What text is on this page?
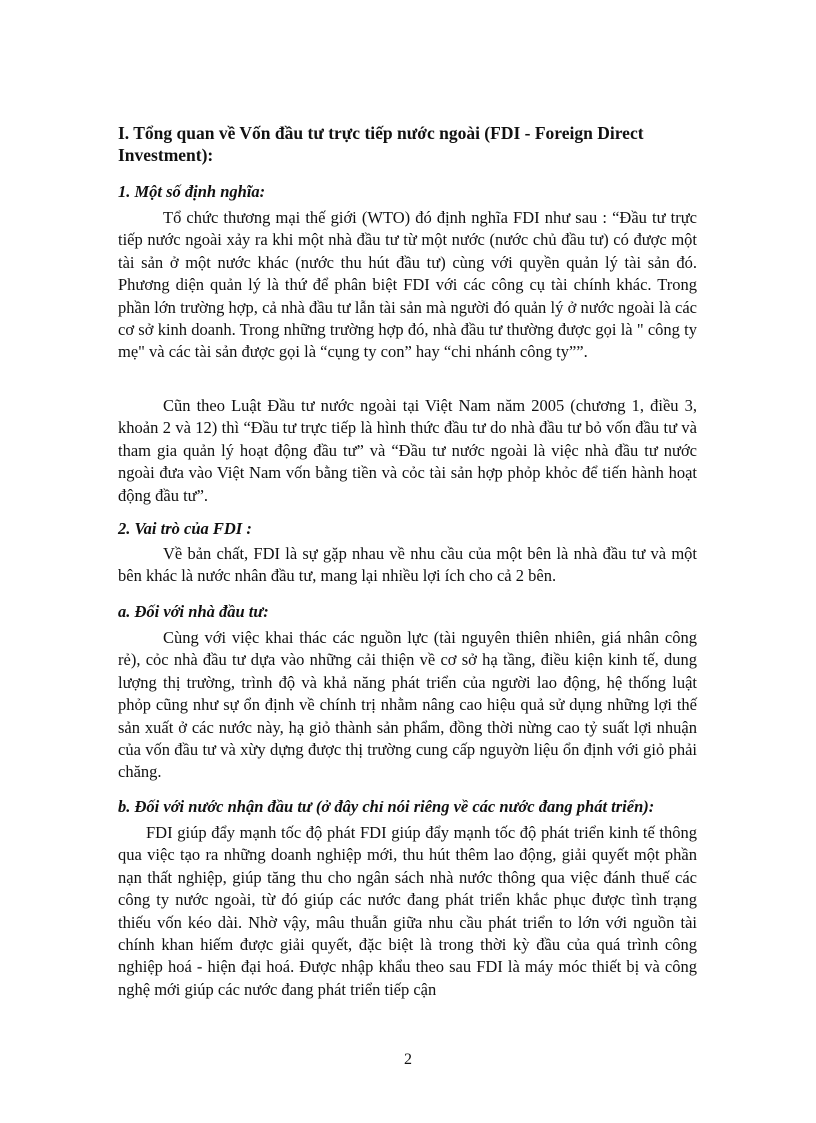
I. Tổng quan về Vốn đầu tư trực tiếp nước ngoài (FDI - Foreign Direct Investment):
1. Một số định nghĩa:

Tổ chức thương mại thế giới (WTO) đó định nghĩa FDI như sau : “Đầu tư trực tiếp nước ngoài xảy ra khi một nhà đầu tư từ một nước (nước chủ đầu tư) có được một tài sản ở một nước khác (nước thu hút đầu tư) cùng với quyền quản lý tài sản đó. Phương diện quản lý là thứ để phân biệt FDI với các công cụ tài chính khác. Trong phần lớn trường hợp, cả nhà đầu tư lẫn tài sản mà người đó quản lý ở nước ngoài là các cơ sở kinh doanh. Trong những trường hợp đó, nhà đầu tư thường được gọi là " công ty mẹ" và các tài sản được gọi là “cụng ty con” hay “chi nhánh công ty””.

Cũn theo Luật Đầu tư nước ngoài tại Việt Nam năm 2005 (chương 1, điều 3, khoản 2 và 12) thì “Đầu tư trực tiếp là hình thức đầu tư do nhà đầu tư bỏ vốn đầu tư và tham gia quản lý hoạt động đầu tư” và “Đầu tư nước ngoài là việc nhà đầu tư nước ngoài đưa vào Việt Nam vốn bằng tiền và cỏc tài sản hợp phỏp khỏc để tiến hành hoạt động đầu tư”.

2. Vai trò của FDI :

Về bản chất, FDI là sự gặp nhau về nhu cầu của một bên là nhà đầu tư và một bên khác là nước nhân đầu tư, mang lại nhiều lợi ích cho cả 2 bên.

a. Đối với nhà đầu tư:

Cùng với việc khai thác các nguồn lực (tài nguyên thiên nhiên, giá nhân công rẻ), cỏc nhà đầu tư dựa vào những cải thiện về cơ sở hạ tầng, điều kiện kinh tế, dung lượng thị trường, trình độ và khả năng phát triển của người lao động, hệ thống luật phỏp cũng như sự ổn định về chính trị nhằm nâng cao hiệu quả sử dụng những lợi thế sản xuất ở các nước này, hạ giỏ thành sản phẩm, đồng thời nừng cao tỷ suất lợi nhuận của vốn đầu tư và xừy dựng được thị trường cung cấp nguyờn liệu ổn định với giỏ phải chăng.

b. Đối với nước nhận đầu tư (ở đây chỉ nói riêng về các nước đang phát triển):

FDI giúp đẩy mạnh tốc độ phát FDI giúp đẩy mạnh tốc độ phát triển kinh tế thông qua việc tạo ra những doanh nghiệp mới, thu hút thêm lao động, giải quyết một phần nạn thất nghiệp, giúp tăng thu cho ngân sách nhà nước thông qua việc đánh thuế các công ty nước ngoài, từ đó giúp các nước đang phát triển khắc phục được tình trạng thiếu vốn kéo dài. Nhờ vậy, mâu thuẫn giữa nhu cầu phát triển to lớn với nguồn tài chính khan hiếm được giải quyết, đặc biệt là trong thời kỳ đầu của quá trình công nghiệp hoá - hiện đại hoá. Được nhập khẩu theo sau FDI là máy móc thiết bị và công nghệ mới giúp các nước đang phát triển tiếp cận

2
